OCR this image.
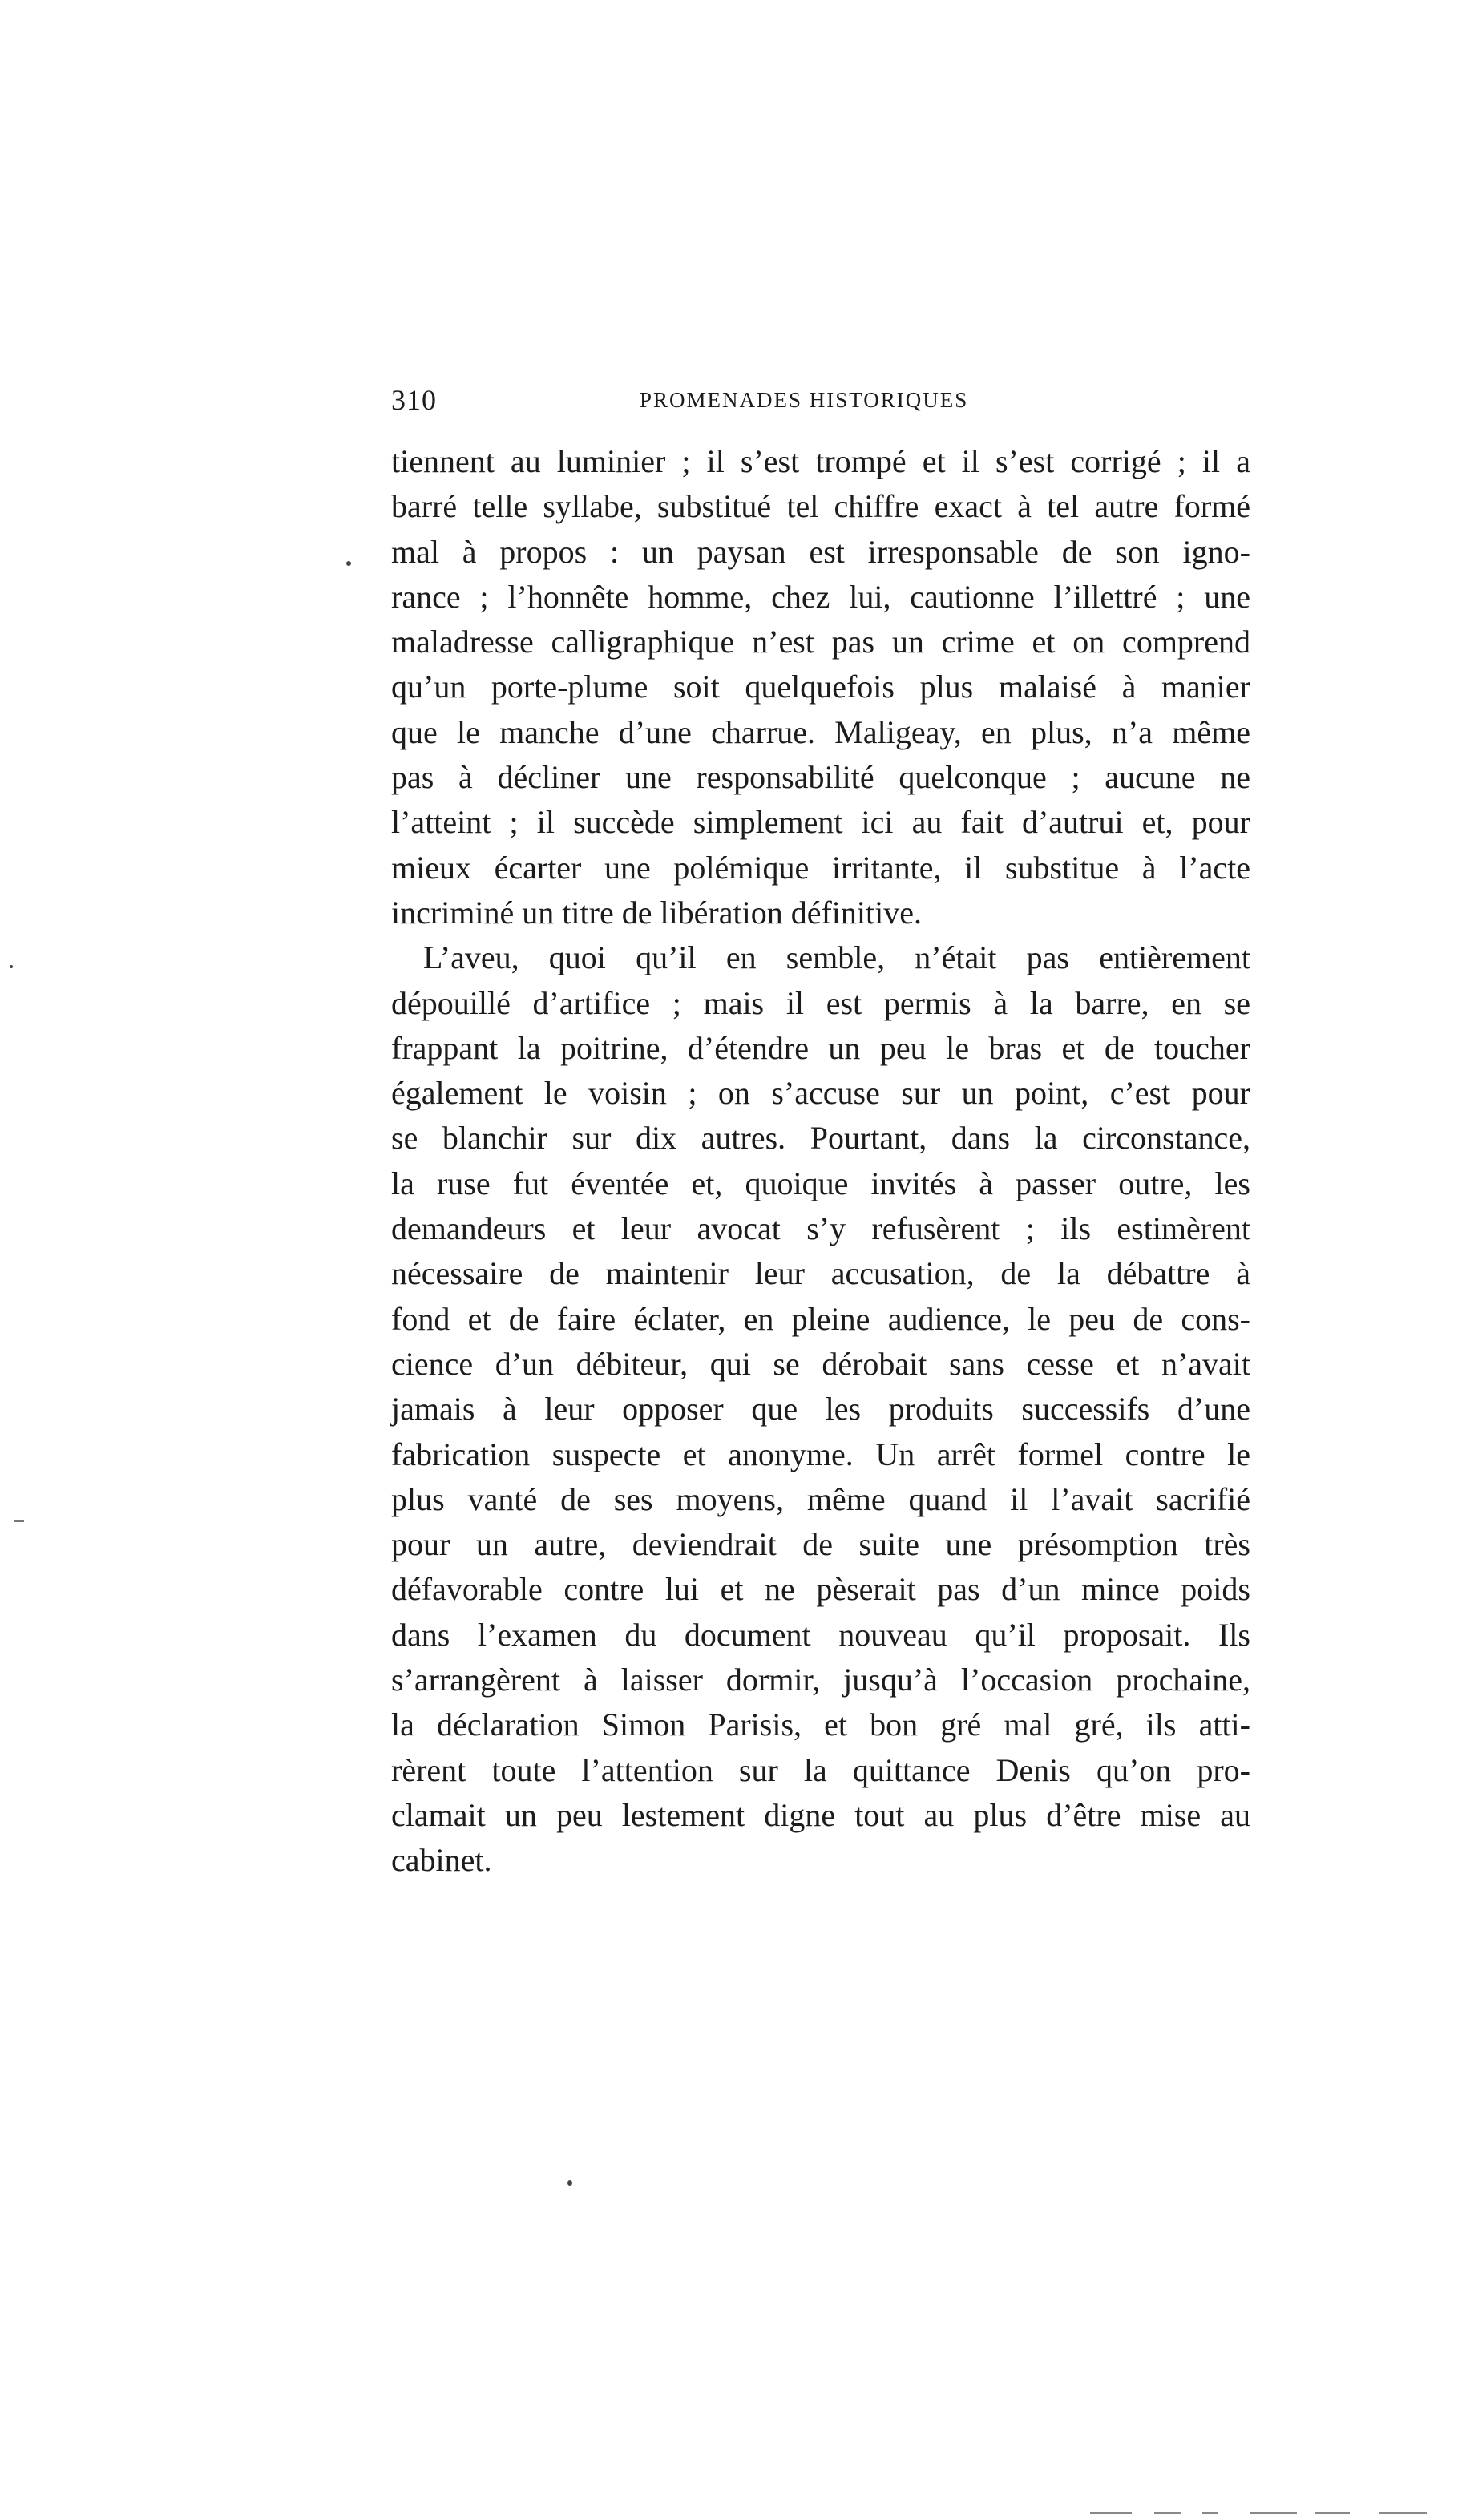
310	PROMENADES HISTORIQUES
tiennent au luminier ; il s’est trompé et il s’est corrigé ; il a
barré telle syllabe, substitué tel chiffre exact à tel autre formé
mal à propos : un paysan est irresponsable de son igno-
rance ; l’honnête homme, chez lui, cautionne l’illettré ; une
maladresse calligraphique n’est pas un crime et on comprend
qu’un porte-plume soit quelquefois plus malaisé à manier
que le manche d’une charrue. Maligeay, en plus, n’a même
pas à décliner une responsabilité quelconque ; aucune ne
l’atteint ; il succède simplement ici au fait d’autrui et, pour
mieux écarter une polémique irritante, il substitue à l’acte
incriminé un titre de libération définitive.
L’aveu, quoi qu’il en semble, n’était pas entièrement
dépouillé d’artifice ; mais il est permis à la barre, en se
frappant la poitrine, d’étendre un peu le bras et de toucher
également le voisin ; on s’accuse sur un point, c’est pour
se blanchir sur dix autres. Pourtant, dans la circonstance,
la ruse fut éventée et, quoique invités à passer outre, les
demandeurs et leur avocat s’y refusèrent ; ils estimèrent
nécessaire de maintenir leur accusation, de la débattre à
fond et de faire éclater, en pleine audience, le peu de cons-
cience d’un débiteur, qui se dérobait sans cesse et n’avait
jamais à leur opposer que les produits successifs d’une
fabrication suspecte et anonyme. Un arrêt formel contre le
plus vanté de ses moyens, même quand il l’avait sacrifié
pour un autre, deviendrait de suite une présomption très
défavorable contre lui et ne pèserait pas d’un mince poids
dans l’examen du document nouveau qu’il proposait. Ils
s’arrangèrent à laisser dormir, jusqu’à l’occasion prochaine,
la déclaration Simon Parisis, et bon gré mal gré, ils atti-
rèrent toute l’attention sur la quittance Denis qu’on pro-
clamait un peu lestement digne tout au plus d’être mise au
cabinet.
